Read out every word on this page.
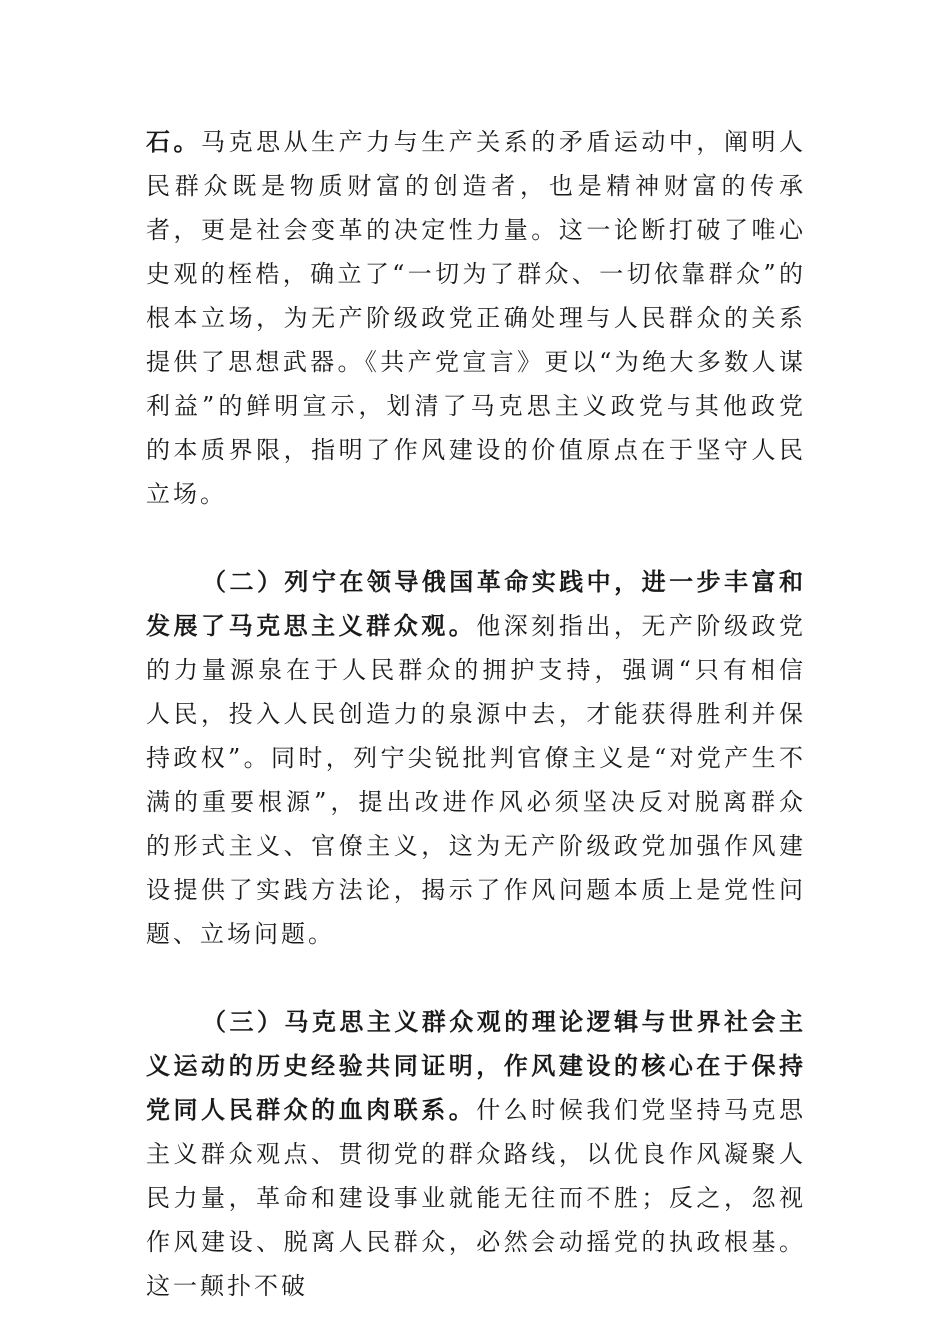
石。马克思从生产力与生产关系的矛盾运动中，阐明人民群众既是物质财富的创造者，也是精神财富的传承者，更是社会变革的决定性力量。这一论断打破了唯心史观的桎梏，确立了“一切为了群众、一切依靠群众”的根本立场，为无产阶级政党正确处理与人民群众的关系提供了思想武器。《共产党宣言》更以“为绝大多数人谋利益”的鲜明宣示，划清了马克思主义政党与其他政党的本质界限，指明了作风建设的价值原点在于坚守人民立场。

（二）列宁在领导俄国革命实践中，进一步丰富和发展了马克思主义群众观。他深刻指出，无产阶级政党的力量源泉在于人民群众的拥护支持，强调“只有相信人民，投入人民创造力的泉源中去，才能获得胜利并保持政权”。同时，列宁尖锐批判官僚主义是“对党产生不满的重要根源”，提出改进作风必须坚决反对脱离群众的形式主义、官僚主义，这为无产阶级政党加强作风建设提供了实践方法论，揭示了作风问题本质上是党性问题、立场问题。

（三）马克思主义群众观的理论逻辑与世界社会主义运动的历史经验共同证明，作风建设的核心在于保持党同人民群众的血肉联系。什么时候我们党坚持马克思主义群众观点、贯彻党的群众路线，以优良作风凝聚人民力量，革命和建设事业就能无往而不胜；反之，忽视作风建设、脱离人民群众，必然会动摇党的执政根基。这一颠扑不破
